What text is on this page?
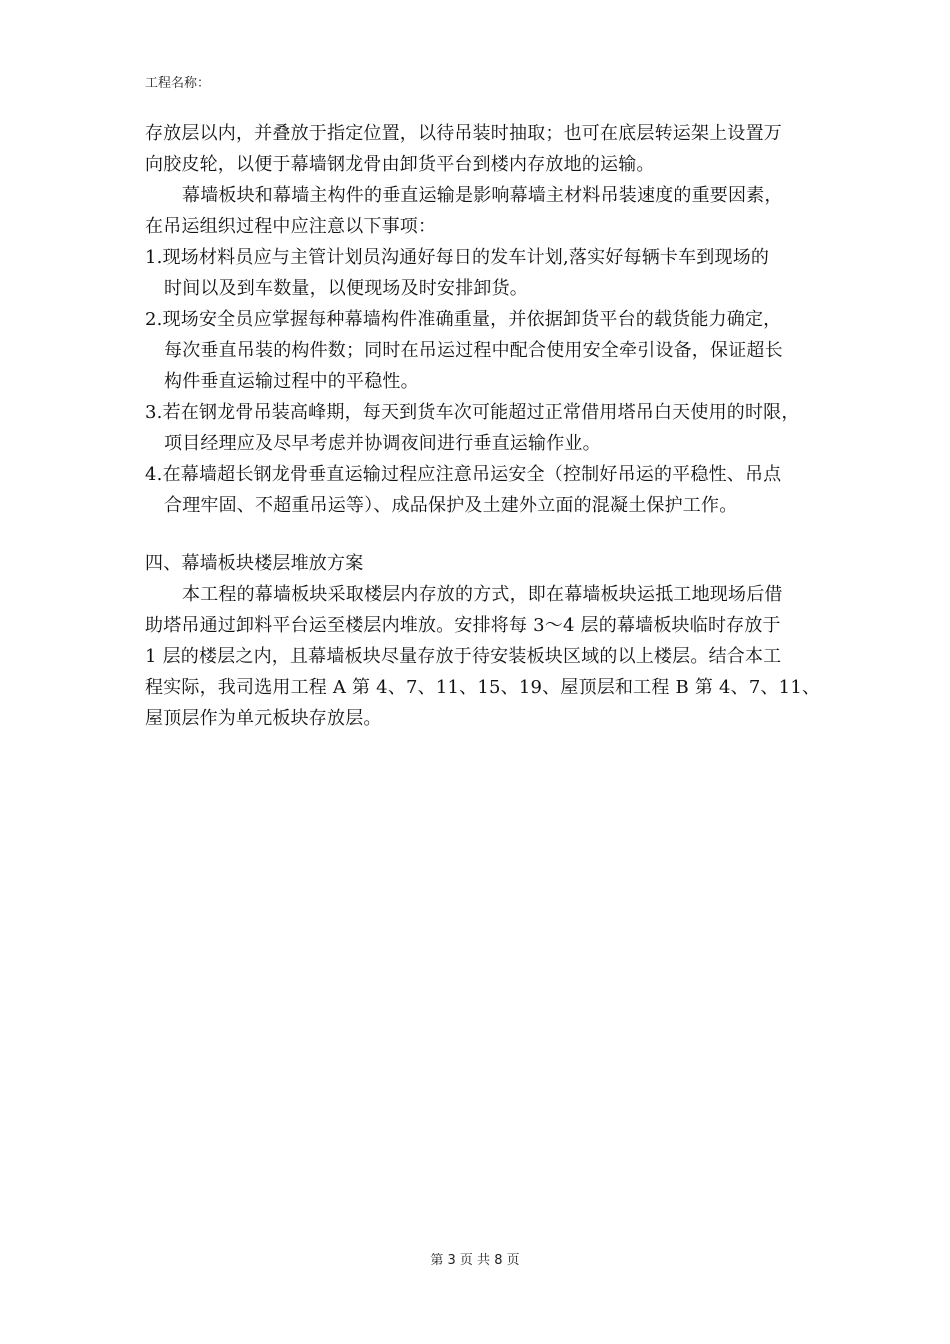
工程名称：
存放层以内，并叠放于指定位置，以待吊装时抽取；也可在底层转运架上设置万
向胶皮轮，以便于幕墙钢龙骨由卸货平台到楼内存放地的运输。
幕墙板块和幕墙主构件的垂直运输是影响幕墙主材料吊装速度的重要因素，
在吊运组织过程中应注意以下事项：
1.现场材料员应与主管计划员沟通好每日的发车计划,落实好每辆卡车到现场的
时间以及到车数量，以便现场及时安排卸货。
2.现场安全员应掌握每种幕墙构件准确重量，并依据卸货平台的载货能力确定，
每次垂直吊装的构件数；同时在吊运过程中配合使用安全牵引设备，保证超长
构件垂直运输过程中的平稳性。
3.若在钢龙骨吊装高峰期，每天到货车次可能超过正常借用塔吊白天使用的时限，
项目经理应及尽早考虑并协调夜间进行垂直运输作业。
4.在幕墙超长钢龙骨垂直运输过程应注意吊运安全（控制好吊运的平稳性、吊点
合理牢固、不超重吊运等）、成品保护及土建外立面的混凝土保护工作。
四、幕墙板块楼层堆放方案
本工程的幕墙板块采取楼层内存放的方式，即在幕墙板块运抵工地现场后借
助塔吊通过卸料平台运至楼层内堆放。安排将每 3～4 层的幕墙板块临时存放于
1 层的楼层之内，且幕墙板块尽量存放于待安装板块区域的以上楼层。结合本工
程实际，我司选用工程 A 第 4、7、11、15、19、屋顶层和工程 B 第 4、7、11、
屋顶层作为单元板块存放层。
第 3 页 共 8 页
